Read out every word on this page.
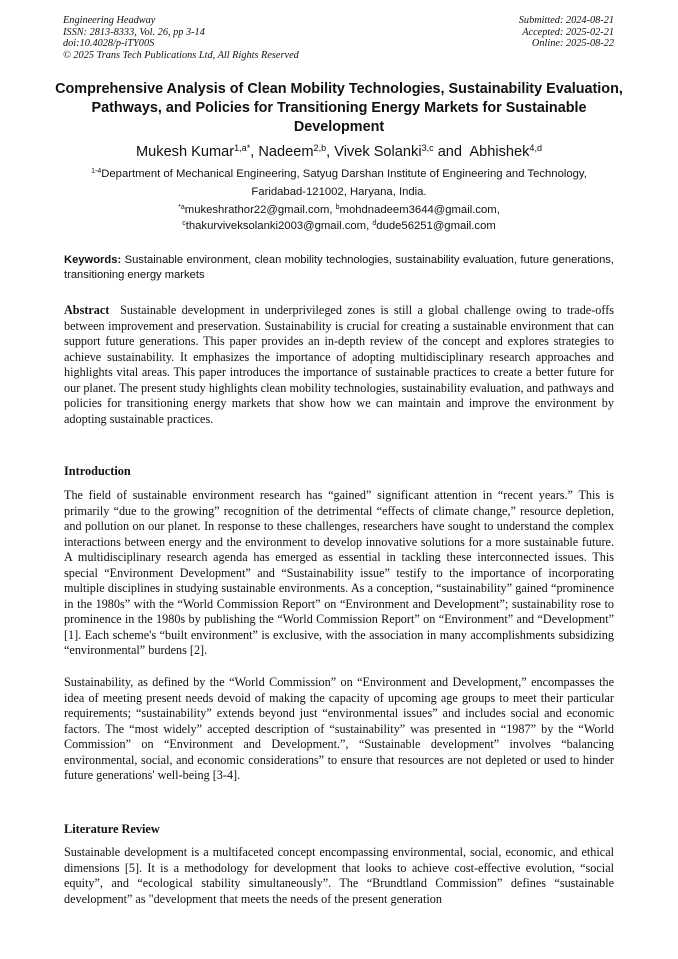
Engineering Headway
ISSN: 2813-8333, Vol. 26, pp 3-14
doi:10.4028/p-iTY00S
© 2025 Trans Tech Publications Ltd, All Rights Reserved
Submitted: 2024-08-21
Accepted: 2025-02-21
Online: 2025-08-22
Comprehensive Analysis of Clean Mobility Technologies, Sustainability Evaluation, Pathways, and Policies for Transitioning Energy Markets for Sustainable Development
Mukesh Kumar$^{1,a*}$, Nadeem$^{2,b}$, Vivek Solanki$^{3,c}$ and  Abhishek$^{4,d}$
$^{1-4}$Department of Mechanical Engineering, Satyug Darshan Institute of Engineering and Technology, Faridabad-121002, Haryana, India.
$^{*a}$mukeshrathor22@gmail.com, $^b$mohdnadeem3644@gmail.com,
$^c$thakurviveksolanki2003@gmail.com, $^d$dude56251@gmail.com
Keywords: Sustainable environment, clean mobility technologies, sustainability evaluation, future generations, transitioning energy markets
Abstract Sustainable development in underprivileged zones is still a global challenge owing to trade-offs between improvement and preservation. Sustainability is crucial for creating a sustainable environment that can support future generations. This paper provides an in-depth review of the concept and explores strategies to achieve sustainability. It emphasizes the importance of adopting multidisciplinary research approaches and highlights vital areas. This paper introduces the importance of sustainable practices to create a better future for our planet. The present study highlights clean mobility technologies, sustainability evaluation, and pathways and policies for transitioning energy markets that show how we can maintain and improve the environment by adopting sustainable practices.
Introduction

The field of sustainable environment research has “gained” significant attention in “recent years.” This is primarily “due to the growing” recognition of the detrimental “effects of climate change,” resource depletion, and pollution on our planet. In response to these challenges, researchers have sought to understand the complex interactions between energy and the environment to develop innovative solutions for a more sustainable future. A multidisciplinary research agenda has emerged as essential in tackling these interconnected issues. This special “Environment Development” and “Sustainability issue” testify to the importance of incorporating multiple disciplines in studying sustainable environments. As a conception, “sustainability” gained “prominence in the 1980s” with the “World Commission Report” on “Environment and Development”; sustainability rose to prominence in the 1980s by publishing the “World Commission Report” on “Environment” and “Development” [1]. Each scheme's “built environment” is exclusive, with the association in many accomplishments subsidizing “environmental” burdens [2].

Sustainability, as defined by the “World Commission” on “Environment and Development,” encompasses the idea of meeting present needs devoid of making the capacity of upcoming age groups to meet their particular requirements; “sustainability” extends beyond just “environmental issues” and includes social and economic factors. The “most widely” accepted description of “sustainability” was presented in “1987” by the “World Commission” on “Environment and Development.”, “Sustainable development” involves “balancing environmental, social, and economic considerations” to ensure that resources are not depleted or used to hinder future generations' well-being [3-4].

Literature Review

Sustainable development is a multifaceted concept encompassing environmental, social, economic, and ethical dimensions [5]. It is a methodology for development that looks to achieve cost-effective evolution, “social equity”, and “ecological stability simultaneously”. The “Brundtland Commission” defines “sustainable development” as "development that meets the needs of the present generation
